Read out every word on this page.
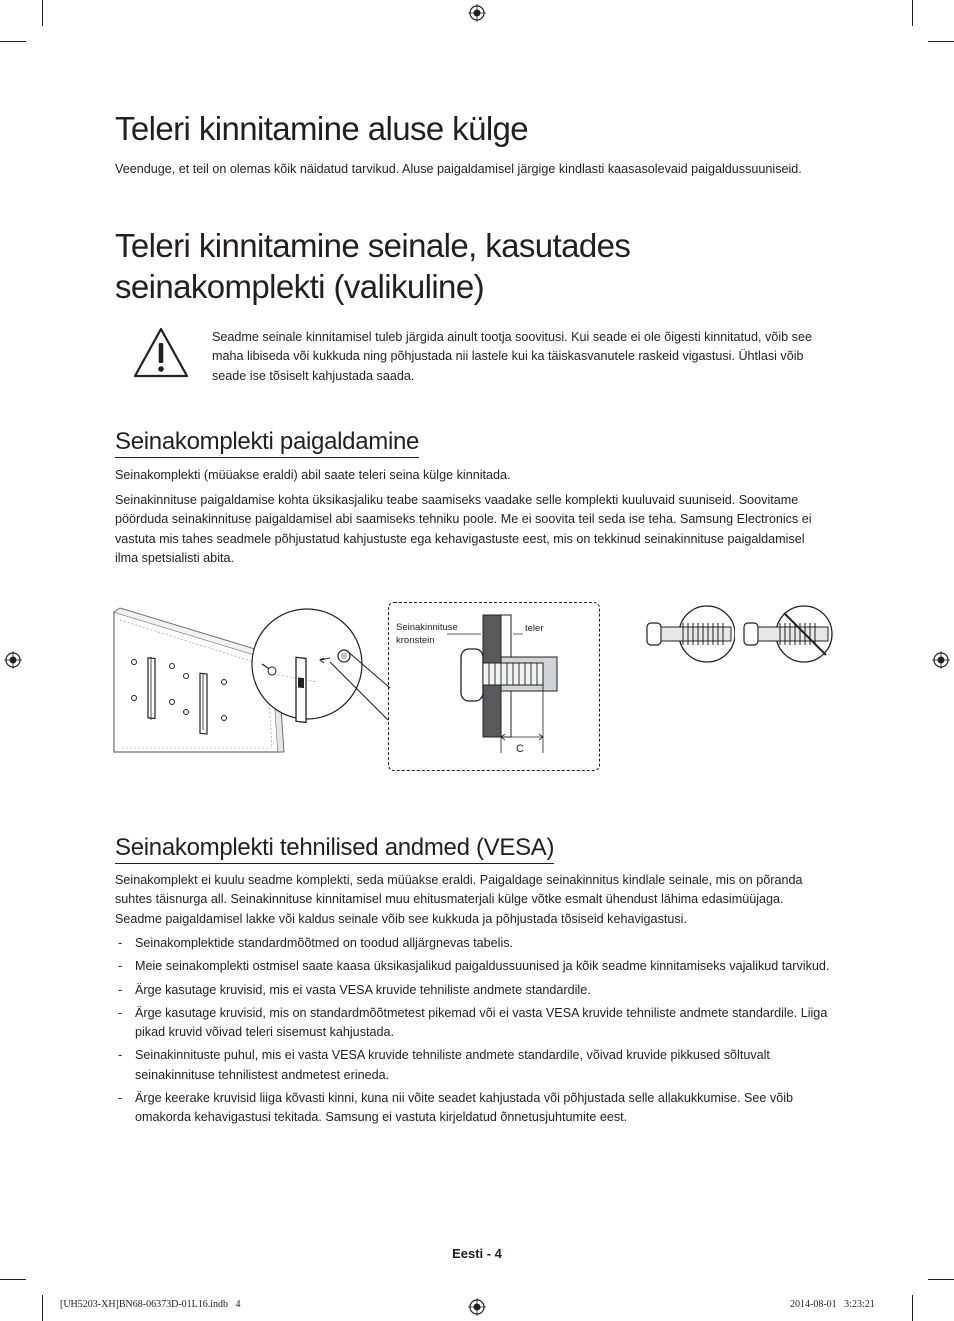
Teleri kinnitamine aluse külge

Veenduge, et teil on olemas kõik näidatud tarvikud. Aluse paigaldamisel järgige kindlasti kaasasolevaid paigaldussuuniseid.

Teleri kinnitamine seinale, kasutades
seinakomplekti (valikuline)

Seadme seinale kinnitamisel tuleb järgida ainult tootja soovitusi. Kui seade ei ole õigesti kinnitatud, võib see maha libiseda või kukkuda ning põhjustada nii lastele kui ka täiskasvanutele raskeid vigastusi. Ühtlasi võib seade ise tõsiselt kahjustada saada.

Seinakomplekti paigaldamine

Seinakomplekti (müüakse eraldi) abil saate teleri seina külge kinnitada.

Seinakinnituse paigaldamise kohta üksikasjaliku teabe saamiseks vaadake selle komplekti kuuluvaid suuniseid. Soovitame pöörduda seinakinnituse paigaldamisel abi saamiseks tehniku poole. Me ei soovita teil seda ise teha. Samsung Electronics ei vastuta mis tahes seadmele põhjustatud kahjustuste ega kehavigastuste eest, mis on tekkinud seinakinnituse paigaldamisel ilma spetsialisti abita.

Seinakinnituse
kronstein
teler
C
Seinakomplekti tehnilised andmed (VESA)

Seinakomplekt ei kuulu seadme komplekti, seda müüakse eraldi. Paigaldage seinakinnitus kindlale seinale, mis on põranda suhtes täisnurga all. Seinakinnituse kinnitamisel muu ehitusmaterjali külge võtke esmalt ühendust lähima edasimüüjaga. Seadme paigaldamisel lakke või kaldus seinale võib see kukkuda ja põhjustada tõsiseid kehavigastusi.

- Seinakomplektide standardmõõtmed on toodud alljärgnevas tabelis.
- Meie seinakomplekti ostmisel saate kaasa üksikasjalikud paigaldussuunised ja kõik seadme kinnitamiseks vajalikud tarvikud.
- Ärge kasutage kruvisid, mis ei vasta VESA kruvide tehniliste andmete standardile.
- Ärge kasutage kruvisid, mis on standardmõõtmetest pikemad või ei vasta VESA kruvide tehniliste andmete standardile. Liiga pikad kruvid võivad teleri sisemust kahjustada.
- Seinakinnituste puhul, mis ei vasta VESA kruvide tehniliste andmete standardile, võivad kruvide pikkused sõltuvalt seinakinnituse tehnilistest andmetest erineda.
- Ärge keerake kruvisid liiga kõvasti kinni, kuna nii võite seadet kahjustada või põhjustada selle allakukkumise. See võib omakorda kehavigastusi tekitada. Samsung ei vastuta kirjeldatud õnnetusjuhtumite eest.
Eesti - 4
[UH5203-XH]BN68-06373D-01L16.indb   4	2014-08-01   3:23:21
